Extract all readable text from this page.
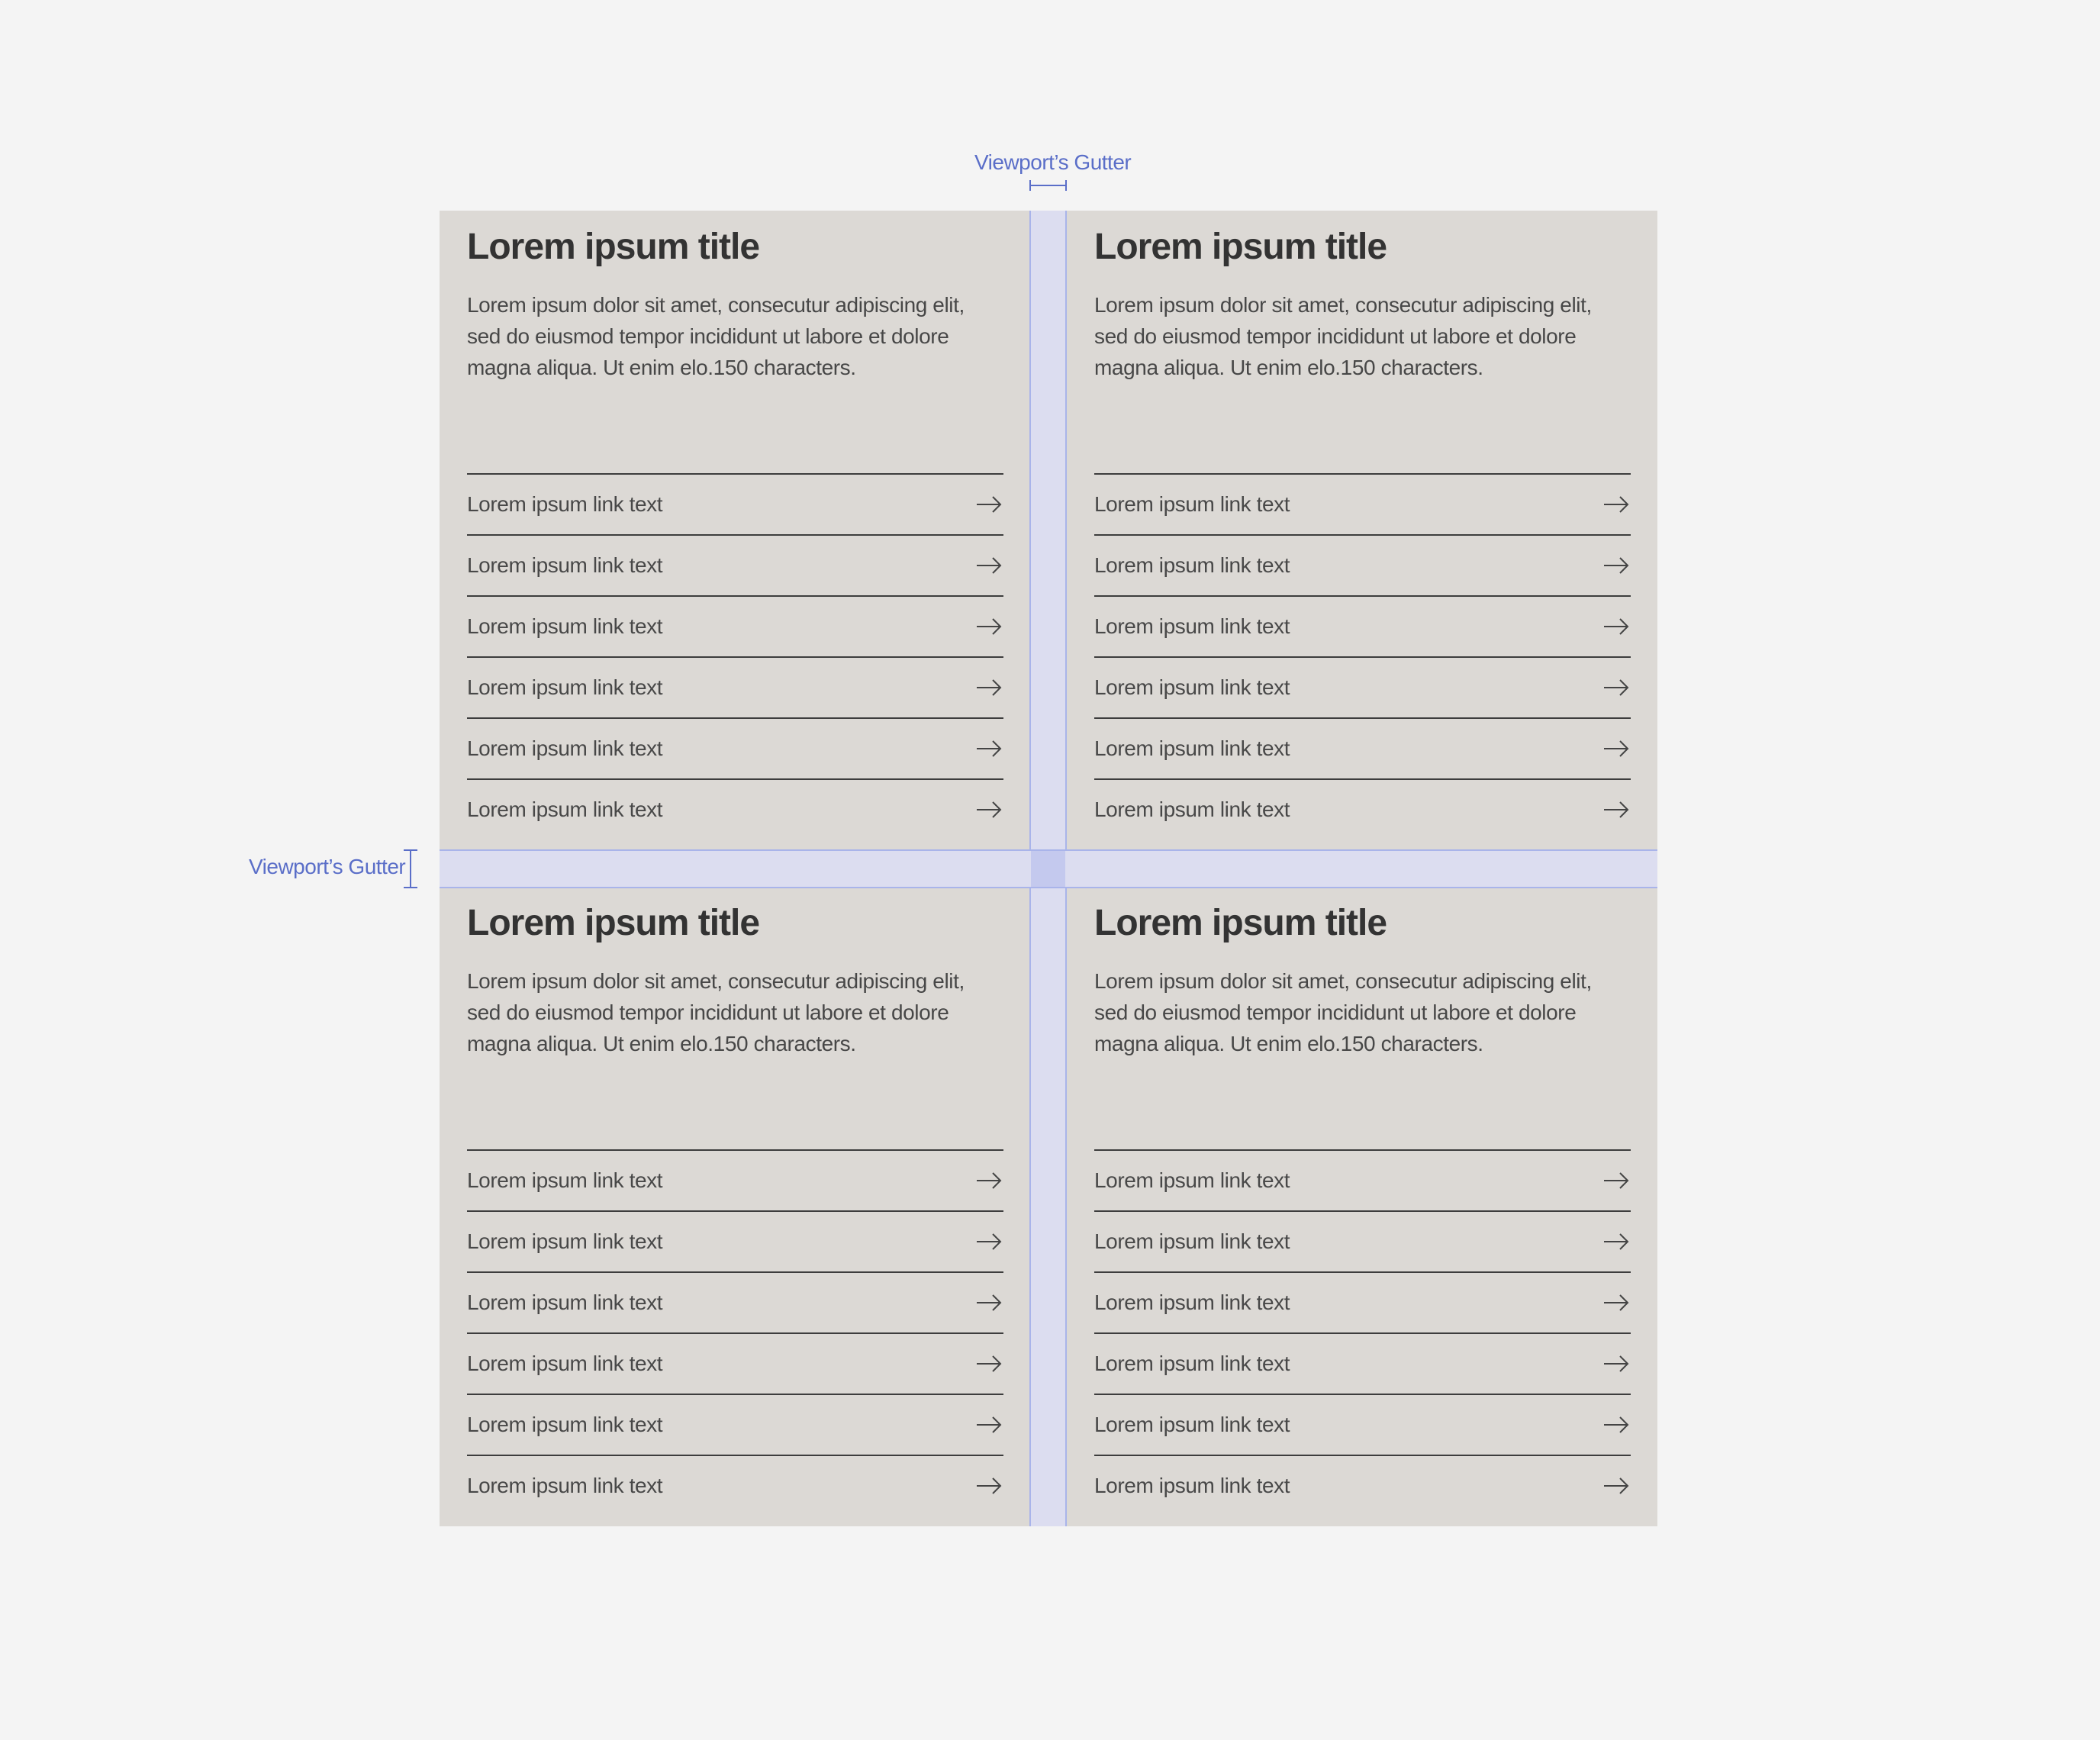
Viewport’s Gutter
Viewport’s Gutter
Lorem ipsum title

Lorem ipsum dolor sit amet, consecutur adipiscing elit, sed do eiusmod tempor incididunt ut labore et dolore magna aliqua. Ut enim elo.150 characters.

Lorem ipsum link text
Lorem ipsum link text
Lorem ipsum link text
Lorem ipsum link text
Lorem ipsum link text
Lorem ipsum link text
Lorem ipsum title

Lorem ipsum dolor sit amet, consecutur adipiscing elit, sed do eiusmod tempor incididunt ut labore et dolore magna aliqua. Ut enim elo.150 characters.

Lorem ipsum link text
Lorem ipsum link text
Lorem ipsum link text
Lorem ipsum link text
Lorem ipsum link text
Lorem ipsum link text
Lorem ipsum title

Lorem ipsum dolor sit amet, consecutur adipiscing elit, sed do eiusmod tempor incididunt ut labore et dolore magna aliqua. Ut enim elo.150 characters.

Lorem ipsum link text
Lorem ipsum link text
Lorem ipsum link text
Lorem ipsum link text
Lorem ipsum link text
Lorem ipsum link text
Lorem ipsum title

Lorem ipsum dolor sit amet, consecutur adipiscing elit, sed do eiusmod tempor incididunt ut labore et dolore magna aliqua. Ut enim elo.150 characters.

Lorem ipsum link text
Lorem ipsum link text
Lorem ipsum link text
Lorem ipsum link text
Lorem ipsum link text
Lorem ipsum link text
